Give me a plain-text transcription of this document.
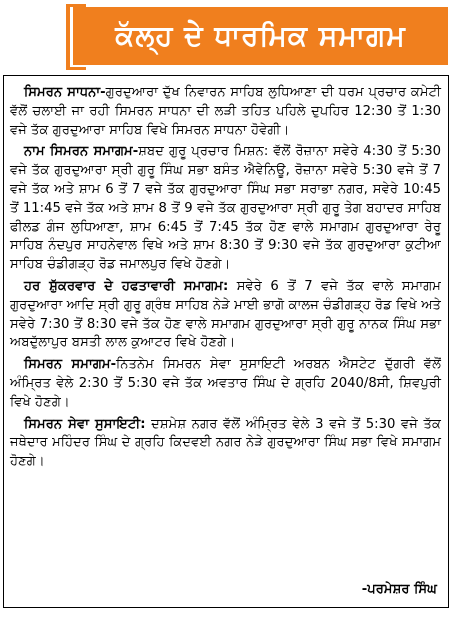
ਕੱਲ੍ਹ ਦੇ ਧਾਰਮਿਕ ਸਮਾਗਮ

ਸਿਮਰਨ ਸਾਧਨਾ-ਗੁਰਦੁਆਰਾ ਦੁੱਖ ਨਿਵਾਰਨ ਸਾਹਿਬ ਲੁਧਿਆਣਾ ਦੀ ਧਰਮ ਪ੍ਰਚਾਰ ਕਮੇਟੀ ਵੱਲੋਂ ਚਲਾਈ ਜਾ ਰਹੀ ਸਿਮਰਨ ਸਾਧਨਾ ਦੀ ਲੜੀ ਤਹਿਤ ਪਹਿਲੇ ਦੁਪਹਿਰ 12:30 ਤੋਂ 1:30 ਵਜੇ ਤੱਕ ਗੁਰਦੁਆਰਾ ਸਾਹਿਬ ਵਿਖੇ ਸਿਮਰਨ ਸਾਧਨਾ ਹੋਵੇਗੀ।

ਨਾਮ ਸਿਮਰਨ ਸਮਾਗਮ-ਸ਼ਬਦ ਗੁਰੂ ਪ੍ਰਚਾਰ ਮਿਸ਼ਨ: ਵੱਲੋਂ ਰੋਜ਼ਾਨਾ ਸਵੇਰੇ 4:30 ਤੋਂ 5:30 ਵਜੇ ਤੱਕ ਗੁਰਦੁਆਰਾ ਸ੍ਰੀ ਗੁਰੂ ਸਿੰਘ ਸਭਾ ਬਸੰਤ ਐਵੇਨਿਊ, ਰੋਜ਼ਾਨਾ ਸਵੇਰੇ 5:30 ਵਜੇ ਤੋਂ 7 ਵਜੇ ਤੱਕ ਅਤੇ ਸ਼ਾਮ 6 ਤੋਂ 7 ਵਜੇ ਤੱਕ ਗੁਰਦੁਆਰਾ ਸਿੰਘ ਸਭਾ ਸਰਾਭਾ ਨਗਰ, ਸਵੇਰੇ 10:45 ਤੋਂ 11:45 ਵਜੇ ਤੱਕ ਅਤੇ ਸ਼ਾਮ 8 ਤੋਂ 9 ਵਜੇ ਤੱਕ ਗੁਰਦੁਆਰਾ ਸ੍ਰੀ ਗੁਰੂ ਤੇਗ ਬਹਾਦਰ ਸਾਹਿਬ ਫੀਲਡ ਗੰਜ ਲੁਧਿਆਣਾ, ਸ਼ਾਮ 6:45 ਤੋਂ 7:45 ਤੱਕ ਹੋਣ ਵਾਲੇ ਸਮਾਗਮ ਗੁਰਦੁਆਰਾ ਰੇਰੂ ਸਾਹਿਬ ਨੰਦਪੁਰ ਸਾਹਨੇਵਾਲ ਵਿਖੇ ਅਤੇ ਸ਼ਾਮ 8:30 ਤੋਂ 9:30 ਵਜੇ ਤੱਕ ਗੁਰਦੁਆਰਾ ਕੁਟੀਆ ਸਾਹਿਬ ਚੰਡੀਗੜ੍ਹ ਰੋਡ ਜਮਾਲਪੁਰ ਵਿਖੇ ਹੋਣਗੇ।

ਹਰ ਸ਼ੁੱਕਰਵਾਰ ਦੇ ਹਫਤਾਵਾਰੀ ਸਮਾਗਮ: ਸਵੇਰੇ 6 ਤੋਂ 7 ਵਜੇ ਤੱਕ ਵਾਲੇ ਸਮਾਗਮ ਗੁਰਦੁਆਰਾ ਆਦਿ ਸ੍ਰੀ ਗੁਰੂ ਗ੍ਰੰਥ ਸਾਹਿਬ ਨੇੜੇ ਮਾਈ ਭਾਗੋ ਕਾਲਜ ਚੰਡੀਗੜ੍ਹ ਰੋਡ ਵਿਖੇ ਅਤੇ ਸਵੇਰੇ 7:30 ਤੋਂ 8:30 ਵਜੇ ਤੱਕ ਹੋਣ ਵਾਲੇ ਸਮਾਗਮ ਗੁਰਦੁਆਰਾ ਸ੍ਰੀ ਗੁਰੂ ਨਾਨਕ ਸਿੰਘ ਸਭਾ ਅਬਦੁੱਲਾਪੁਰ ਬਸਤੀ ਲਾਲ ਕੁਆਟਰ ਵਿਖੇ ਹੋਣਗੇ।

ਸਿਮਰਨ ਸਮਾਗਮ-ਨਿਤਨੇਮ ਸਿਮਰਨ ਸੇਵਾ ਸੁਸਾਇਟੀ ਅਰਬਨ ਐਸਟੇਟ ਦੁੱਗਰੀ ਵੱਲੋਂ ਅੰਮ੍ਰਿਤ ਵੇਲੇ 2:30 ਤੋਂ 5:30 ਵਜੇ ਤੱਕ ਅਵਤਾਰ ਸਿੰਘ ਦੇ ਗ੍ਰਹਿ 2040/8ਸੀ, ਸ਼ਿਵਪੁਰੀ ਵਿਖੇ ਹੋਣਗੇ।

ਸਿਮਰਨ ਸੇਵਾ ਸੁਸਾਇਟੀ: ਦਸ਼ਮੇਸ਼ ਨਗਰ ਵੱਲੋਂ ਅੰਮ੍ਰਿਤ ਵੇਲੇ 3 ਵਜੇ ਤੋਂ 5:30 ਵਜੇ ਤੱਕ ਜਥੇਦਾਰ ਮਹਿੰਦਰ ਸਿੰਘ ਦੇ ਗ੍ਰਹਿ ਕਿਦਵਈ ਨਗਰ ਨੇੜੇ ਗੁਰਦੁਆਰਾ ਸਿੰਘ ਸਭਾ ਵਿਖੇ ਸਮਾਗਮ ਹੋਣਗੇ।

-ਪਰਮੇਸ਼ਰ ਸਿੰਘ
